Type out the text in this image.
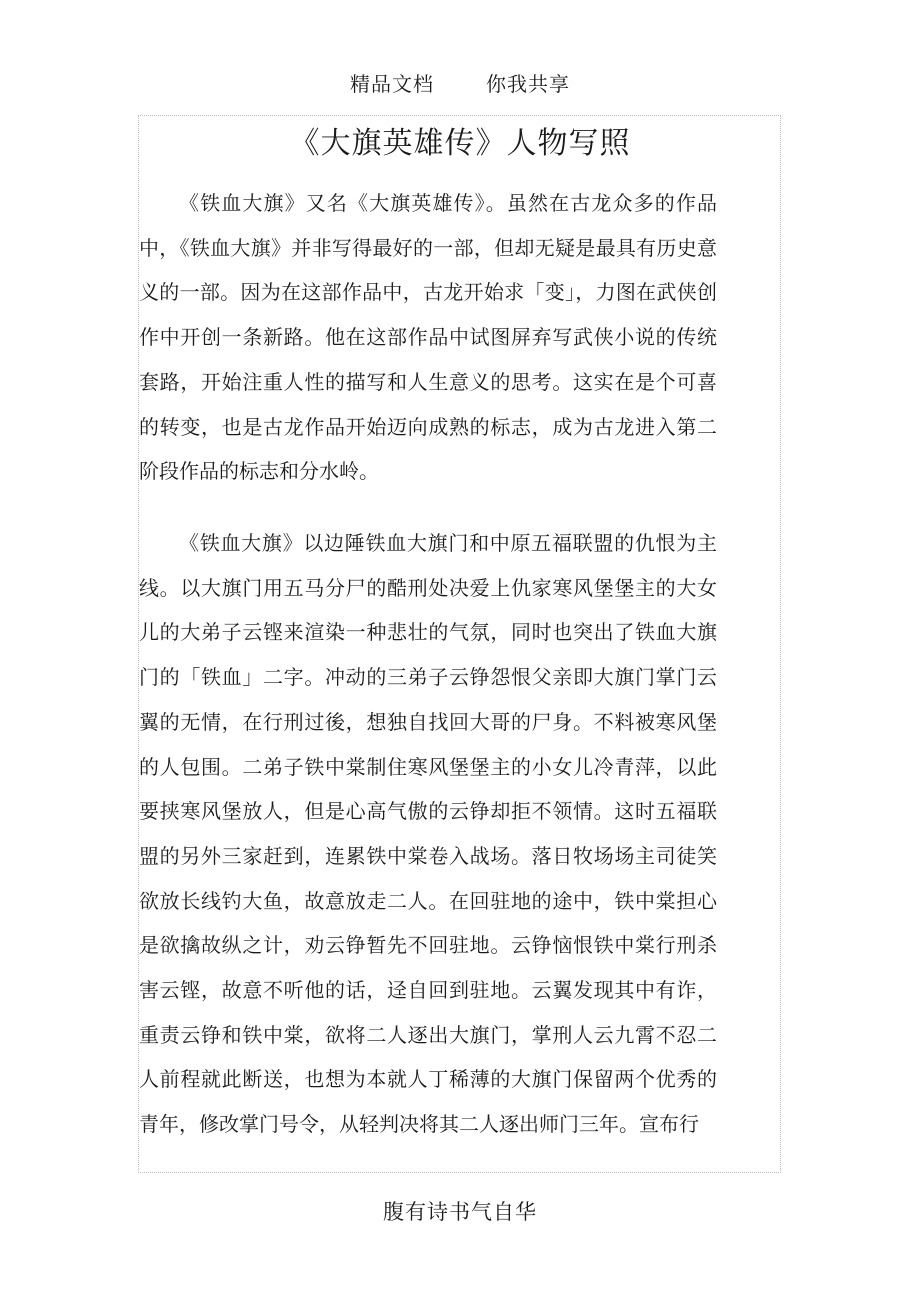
精品文档	你我共享
《大旗英雄传》人物写照

《铁血大旗》又名《大旗英雄传》。虽然在古龙众多的作品中，《铁血大旗》并非写得最好的一部，但却无疑是最具有历史意义的一部。因为在这部作品中，古龙开始求「变」，力图在武侠创作中开创一条新路。他在这部作品中试图屏弃写武侠小说的传统套路，开始注重人性的描写和人生意义的思考。这实在是个可喜的转变，也是古龙作品开始迈向成熟的标志，成为古龙进入第二阶段作品的标志和分水岭。

《铁血大旗》以边陲铁血大旗门和中原五福联盟的仇恨为主线。以大旗门用五马分尸的酷刑处决爱上仇家寒风堡堡主的大女儿的大弟子云铿来渲染一种悲壮的气氛，同时也突出了铁血大旗门的「铁血」二字。冲动的三弟子云铮怨恨父亲即大旗门掌门云翼的无情，在行刑过後，想独自找回大哥的尸身。不料被寒风堡的人包围。二弟子铁中棠制住寒风堡堡主的小女儿冷青萍，以此要挟寒风堡放人，但是心高气傲的云铮却拒不领情。这时五福联盟的另外三家赶到，连累铁中棠卷入战场。落日牧场场主司徒笑欲放长线钓大鱼，故意放走二人。在回驻地的途中，铁中棠担心是欲擒故纵之计，劝云铮暂先不回驻地。云铮恼恨铁中棠行刑杀害云铿，故意不听他的话，迳自回到驻地。云翼发现其中有诈，重责云铮和铁中棠，欲将二人逐出大旗门，掌刑人云九霄不忍二人前程就此断送，也想为本就人丁稀薄的大旗门保留两个优秀的青年，修改掌门号令，从轻判决将其二人逐出师门三年。宣布行

腹有诗书气自华
